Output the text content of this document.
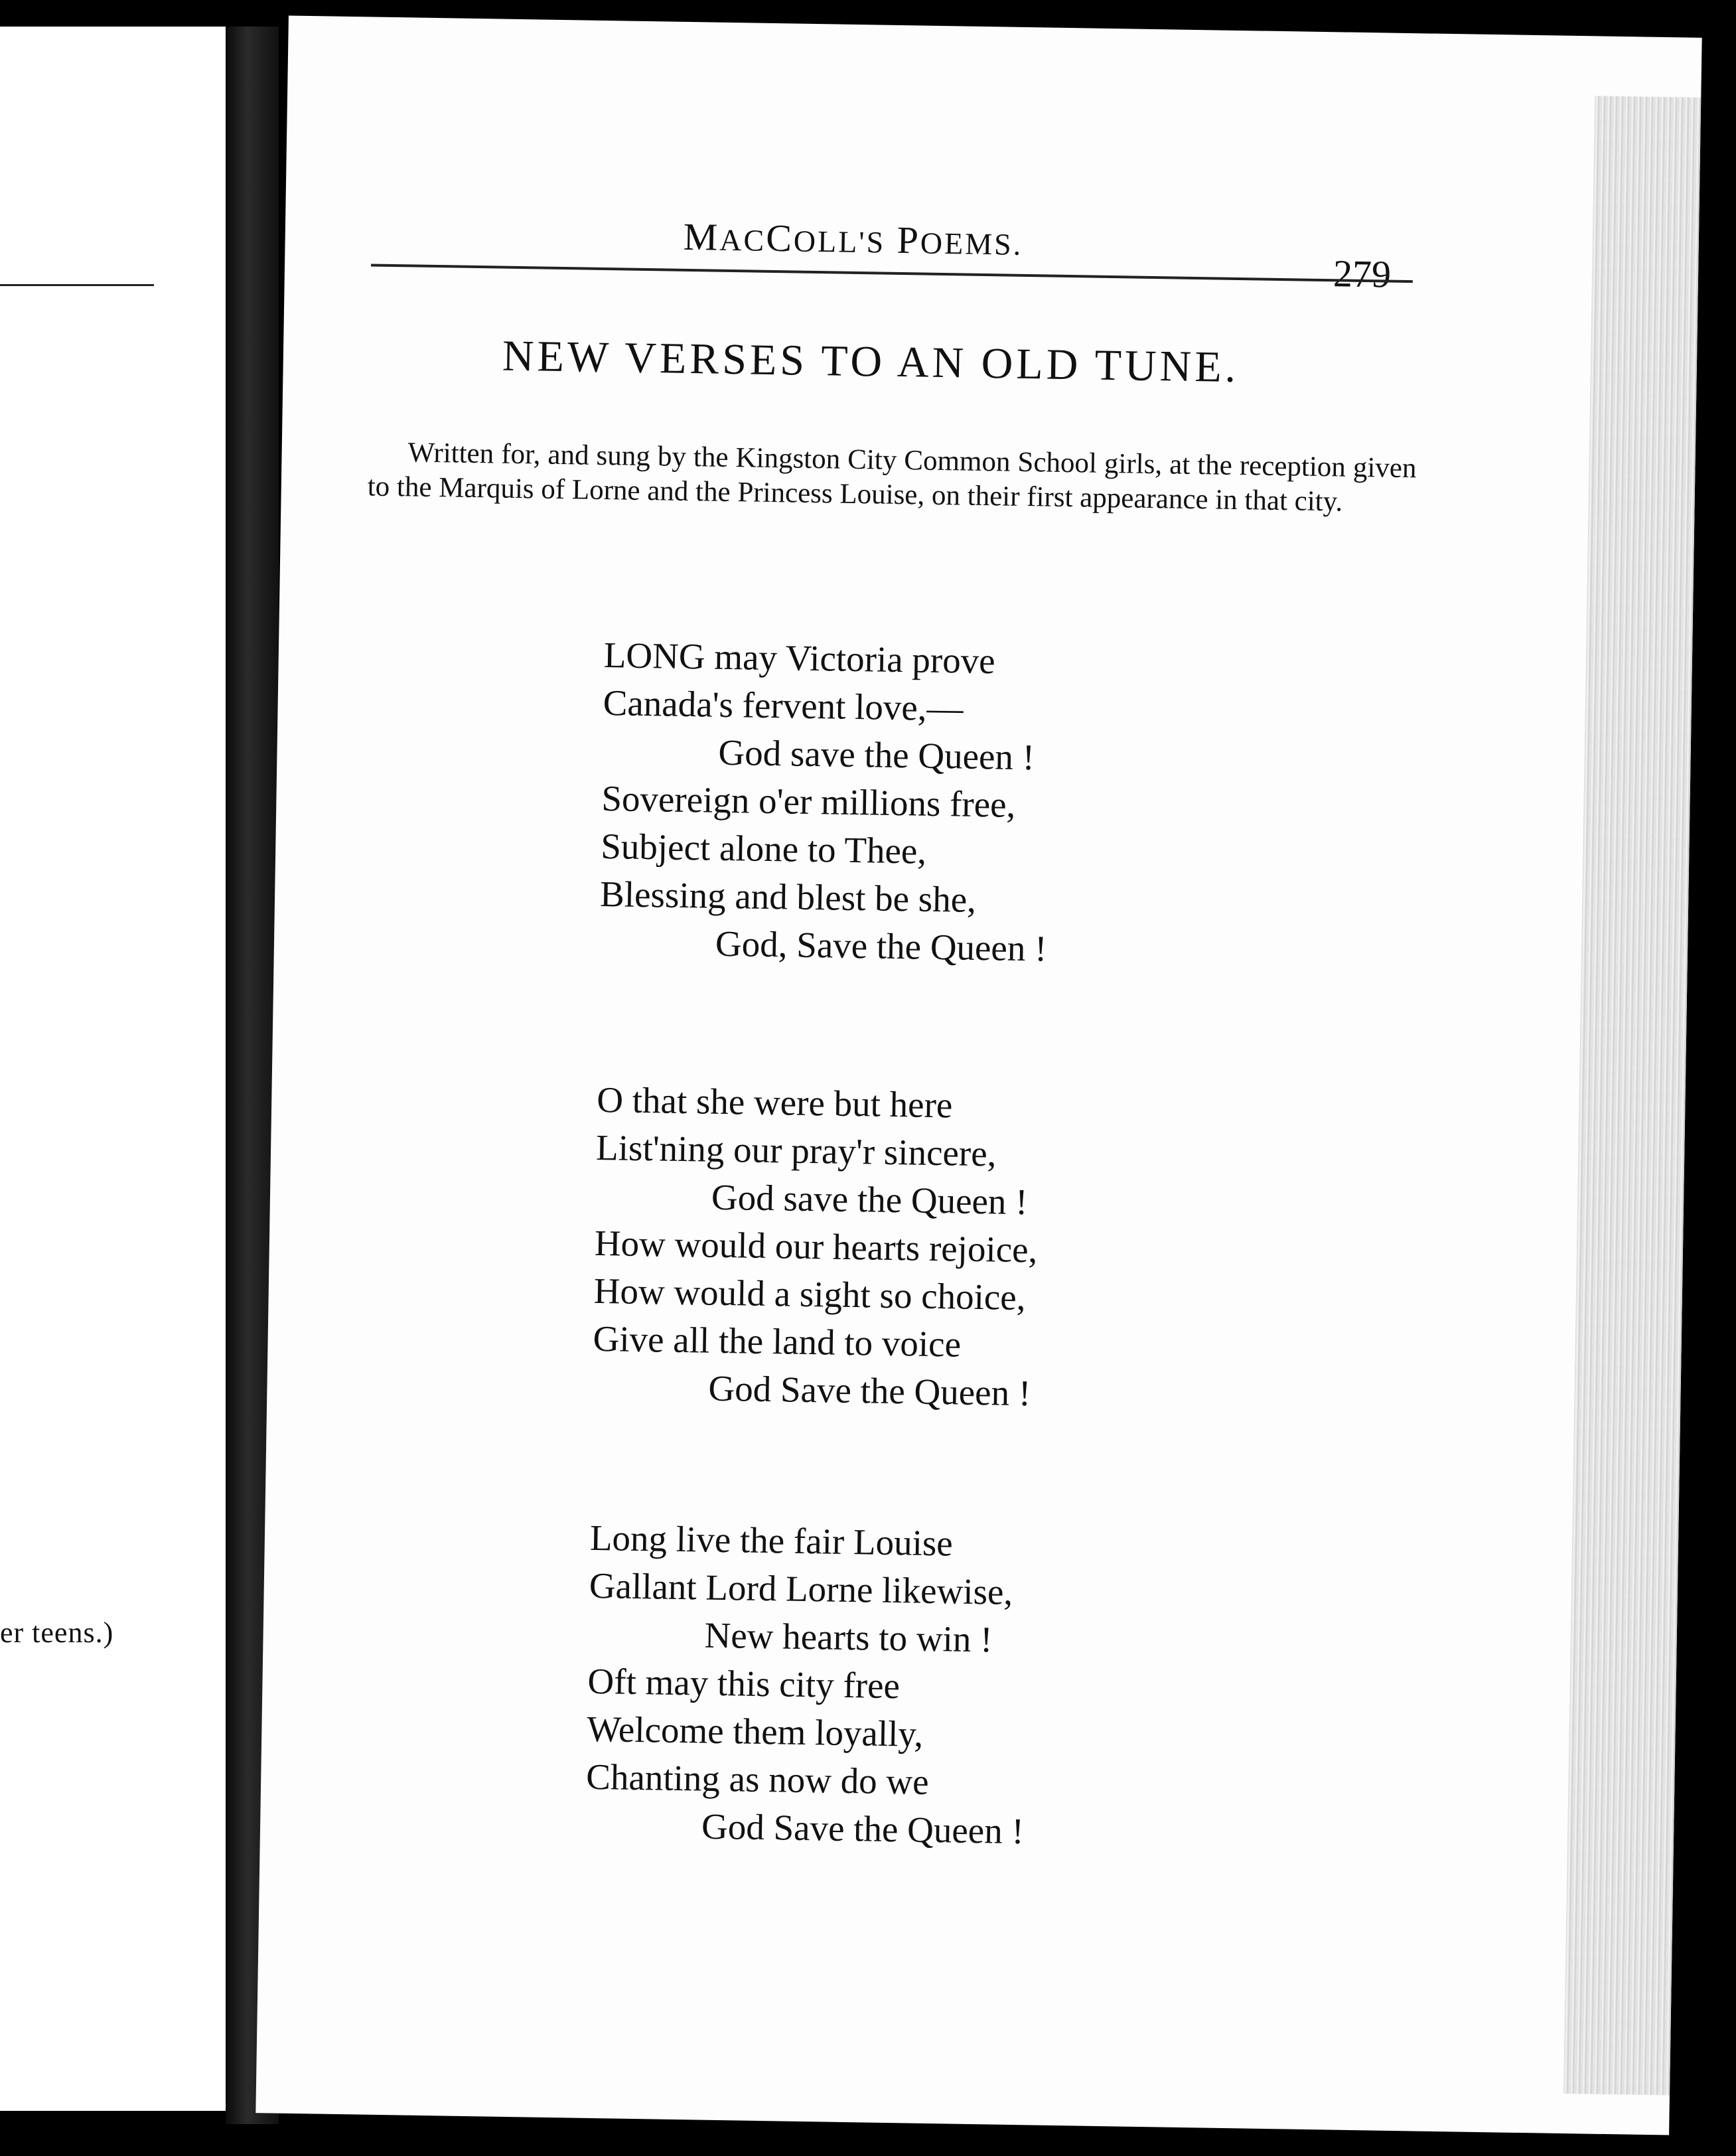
er teens.)
MACCOLL'S POEMS.
279
NEW VERSES TO AN OLD TUNE.

Written for, and sung by the Kingston City Common School girls, at the reception given to the Marquis of Lorne and the Princess Louise, on their first appearance in that city.

LONG may Victoria prove
Canada's fervent love,—
God save the Queen !
Sovereign o'er millions free,
Subject alone to Thee,
Blessing and blest be she,
God, Save the Queen !
O that she were but here
List'ning our pray'r sincere,
God save the Queen !
How would our hearts rejoice,
How would a sight so choice,
Give all the land to voice
God Save the Queen !
Long live the fair Louise
Gallant Lord Lorne likewise,
New hearts to win !
Oft may this city free
Welcome them loyally,
Chanting as now do we
God Save the Queen !
